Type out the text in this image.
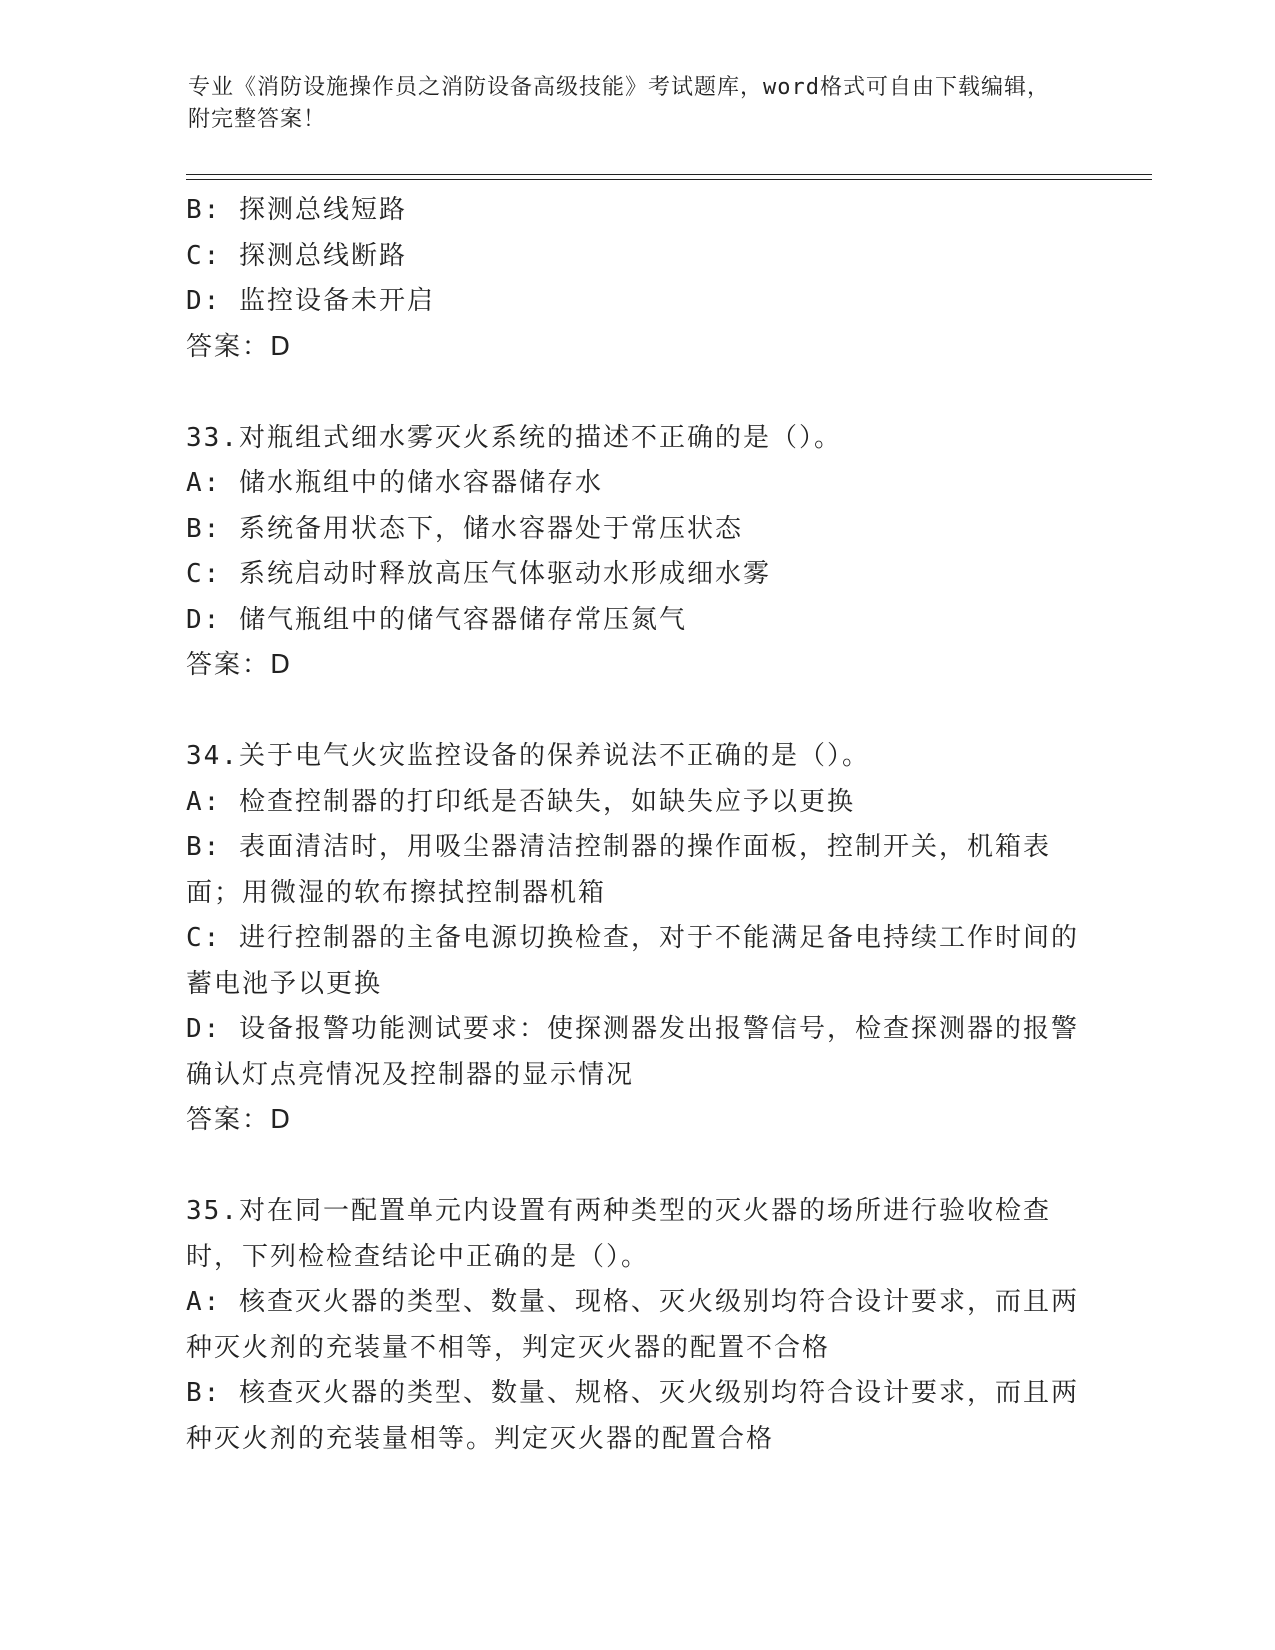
专业《消防设施操作员之消防设备高级技能》考试题库，word格式可自由下载编辑，附完整答案！
B: 探测总线短路
C: 探测总线断路
D: 监控设备未开启
答案：D
33.对瓶组式细水雾灭火系统的描述不正确的是（）。
A: 储水瓶组中的储水容器储存水
B: 系统备用状态下，储水容器处于常压状态
C: 系统启动时释放高压气体驱动水形成细水雾
D: 储气瓶组中的储气容器储存常压氮气
答案：D
34.关于电气火灾监控设备的保养说法不正确的是（）。
A: 检查控制器的打印纸是否缺失，如缺失应予以更换
B: 表面清洁时，用吸尘器清洁控制器的操作面板，控制开关，机箱表面；用微湿的软布擦拭控制器机箱
C: 进行控制器的主备电源切换检查，对于不能满足备电持续工作时间的蓄电池予以更换
D: 设备报警功能测试要求：使探测器发出报警信号，检查探测器的报警确认灯点亮情况及控制器的显示情况
答案：D
35.对在同一配置单元内设置有两种类型的灭火器的场所进行验收检查时，下列检检查结论中正确的是（）。
A: 核查灭火器的类型、数量、现格、灭火级别均符合设计要求，而且两种灭火剂的充装量不相等，判定灭火器的配置不合格
B: 核查灭火器的类型、数量、规格、灭火级别均符合设计要求，而且两种灭火剂的充装量相等。判定灭火器的配置合格
